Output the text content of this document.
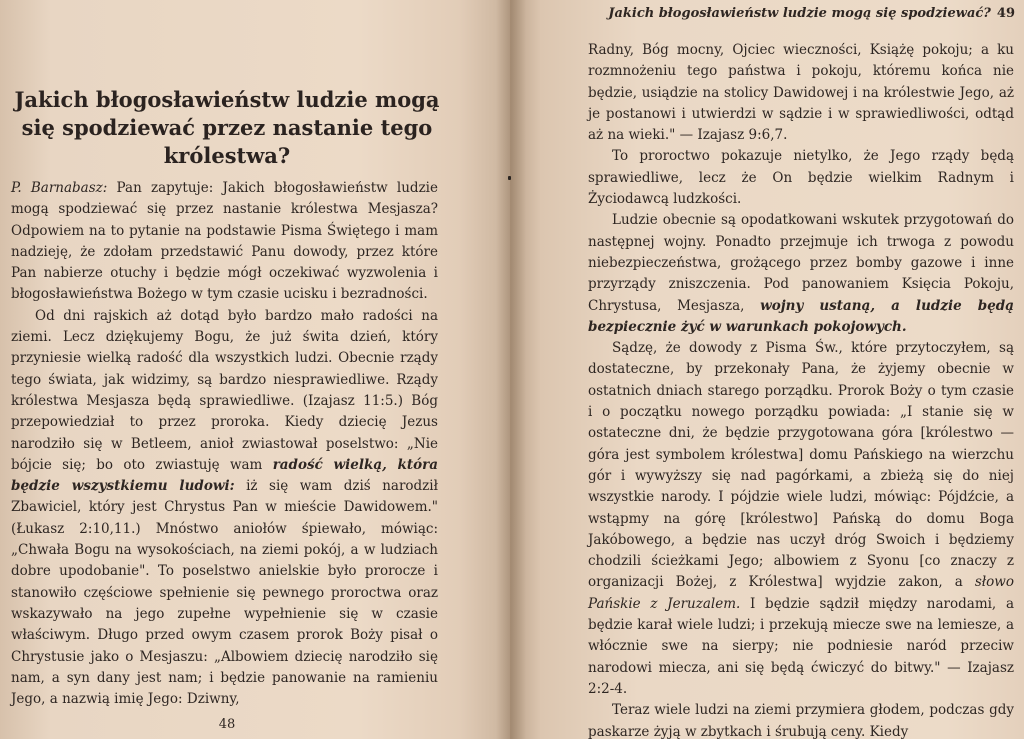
Jakich błogosławieństw ludzie mogą się spodziewać przez nastanie tego królestwa?

P. Barnabasz: Pan zapytuje: Jakich błogosławieństw ludzie mogą spodziewać się przez nastanie królestwa Mesjasza? Odpowiem na to pytanie na podstawie Pisma Świętego i mam nadzieję, że zdołam przedstawić Panu dowody, przez które Pan nabierze otuchy i będzie mógł oczekiwać wyzwolenia i błogosławieństwa Bożego w tym czasie ucisku i bezradności.

Od dni rajskich aż dotąd było bardzo mało radości na ziemi. Lecz dziękujemy Bogu, że już świta dzień, który przyniesie wielką radość dla wszystkich ludzi. Obecnie rządy tego świata, jak widzimy, są bardzo niesprawiedliwe. Rządy królestwa Mesjasza będą sprawiedliwe. (Izajasz 11:5.) Bóg przepowiedział to przez proroka. Kiedy dziecię Jezus narodziło się w Betleem, anioł zwiastował poselstwo: „Nie bójcie się; bo oto zwiastuję wam radość wielką, która będzie wszystkiemu ludowi: iż się wam dziś narodził Zbawiciel, który jest Chrystus Pan w mieście Dawidowem." (Łukasz 2:10,11.) Mnóstwo aniołów śpiewało, mówiąc: „Chwała Bogu na wysokościach, na ziemi pokój, a w ludziach dobre upodobanie". To poselstwo anielskie było proroczе i stanowiło częściowe spełnienie się pewnego proroctwa oraz wskazywało na jego zupełne wypełnienie się w czasie właściwym. Długo przed owym czasem prorok Boży pisał o Chrystusie jako o Mesjaszu: „Albowiem dziecię narodziło się nam, a syn dany jest nam; i będzie panowanie na ramieniu Jego, a nazwią imię Jego: Dziwny,

48
Jakich błogosławieństw ludzie mogą się spodziewać? 49

Radny, Bóg mocny, Ojciec wieczności, Książę pokoju; a ku rozmnożeniu tego państwa i pokoju, któremu końca nie będzie, usiądzie na stolicy Dawidowej i na królestwie Jego, aż je postanowi i utwierdzi w sądzie i w sprawiedliwości, odtąd aż na wieki." — Izajasz 9:6,7.

To proroctwo pokazuje nietylko, że Jego rządy będą sprawiedliwe, lecz że On będzie wielkim Radnym i Życiodawcą ludzkości.

Ludzie obecnie są opodatkowani wskutek przygotowań do następnej wojny. Ponadto przejmuje ich trwoga z powodu niebezpieczeństwa, grożącego przez bomby gazowe i inne przyrządy zniszczenia. Pod panowaniem Księcia Pokoju, Chrystusa, Mesjasza, wojny ustaną, a ludzie będą bezpiecznie żyć w warunkach pokojowych.

Sądzę, że dowody z Pisma Św., które przytoczyłem, są dostateczne, by przekonały Pana, że żyjemy obecnie w ostatnich dniach starego porządku. Prorok Boży o tym czasie i o początku nowego porządku powiada: „I stanie się w ostateczne dni, że będzie przygotowana góra [królestwo — góra jest symbolem królestwa] domu Pańskiego na wierzchu gór i wywyższy się nad pagórkami, a zbieżą się do niej wszystkie narody. I pójdzie wiele ludzi, mówiąc: Pójdźcie, a wstąpmy na górę [królestwo] Pańską do domu Boga Jakóbowego, a będzie nas uczył dróg Swoich i będziemy chodzili ścieżkami Jego; albowiem z Syonu [co znaczy z organizacji Bożej, z Królestwa] wyjdzie zakon, a słowo Pańskie z Jeruzalem. I będzie sądził między narodami, a będzie karał wiele ludzi; i przekują miecze swe na lemiesze, a włócznie swe na sierpy; nie podniesie naród przeciw narodowi miecza, ani się będą ćwiczyć do bitwy." — Izajasz 2:2-4.

Teraz wiele ludzi na ziemi przymiera głodem, podczas gdy paskarze żyją w zbytkach i śrubują ceny. Kiedy
